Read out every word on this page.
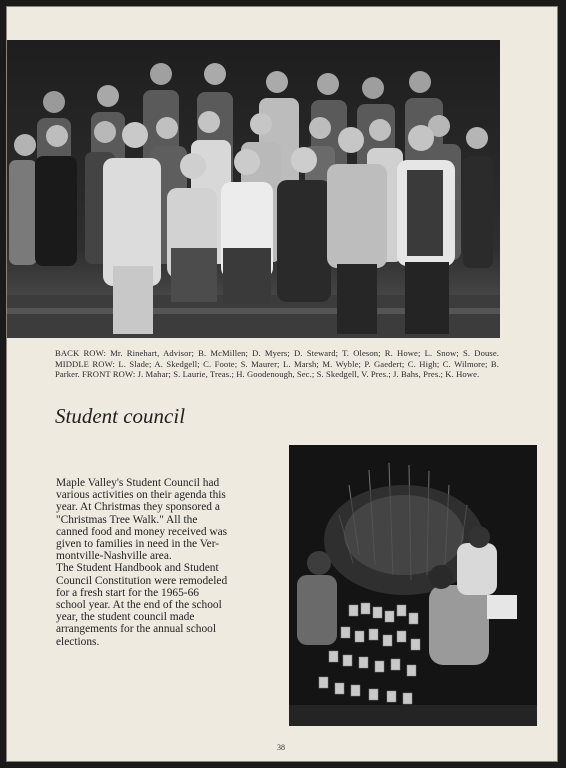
BACK ROW: Mr. Rinehart, Advisor; B. McMillen; D. Myers; D. Steward; T. Oleson; R. Howe; L. Snow; S. Douse. MIDDLE ROW: L. Slade; A. Skedgell; C. Foote; S. Maurer; L. Marsh; M. Wyble; P. Gaedert; C. High; C. Wilmore; B. Parker. FRONT ROW: J. Mahar; S. Laurie, Treas.; H. Goodenough, Sec.; S. Skedgell, V. Pres.; J. Bahs, Pres.; K. Howe.
Student council

Maple Valley's Student Council had
various activities on their agenda this
year. At Christmas they sponsored a
"Christmas Tree Walk." All the
canned food and money received was
given to families in need in the Ver-
montville-Nashville area.
The Student Handbook and Student
Council Constitution were remodeled
for a fresh start for the 1965-66
school year. At the end of the school
year, the student council made
arrangements for the annual school
elections.

38
